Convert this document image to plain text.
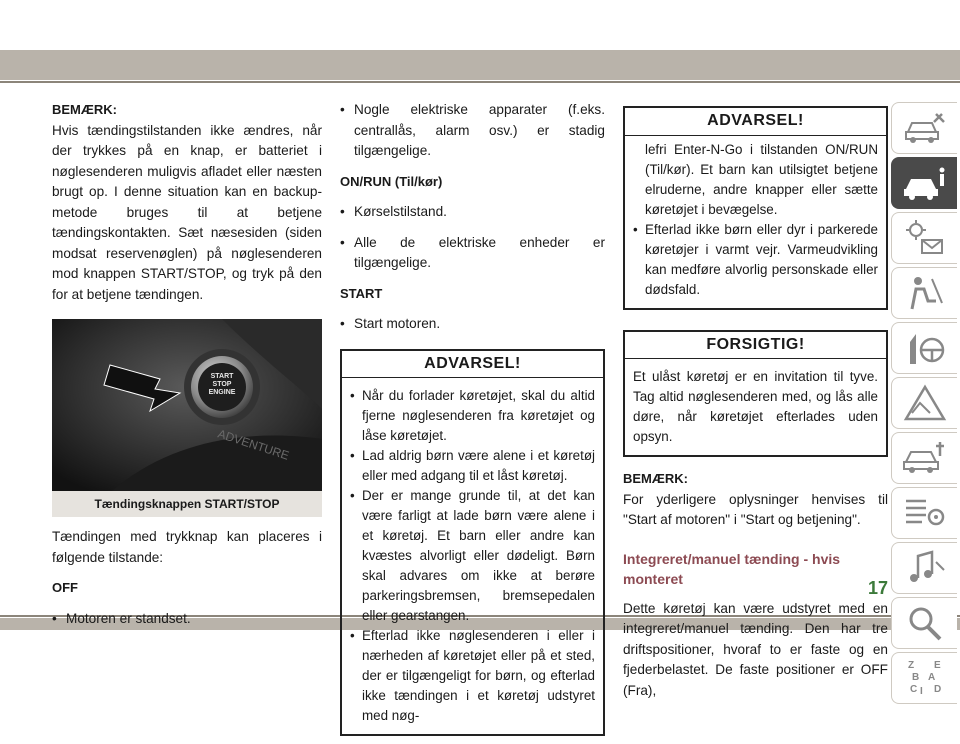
BEMÆRK:

Hvis tændingstilstanden ikke ændres, når der trykkes på en knap, er batteriet i nøglesenderen muligvis afladet eller næsten brugt op. I denne situation kan en backup-metode bruges til at betjene tændingskontakten. Sæt næsesiden (siden modsat reservenøglen) på nøglesenderen mod knappen START/STOP, og tryk på den for at betjene tændingen.

ADVENTURE
START
STOP
ENGINE
Tændingsknappen START/STOP

Tændingen med trykknap kan placeres i følgende tilstande:

OFF

• Motoren er standset.
• Nogle elektriske apparater (f.eks. centrallås, alarm osv.) er stadig tilgængelige.

ON/RUN (Til/kør)

• Kørselstilstand.
• Alle de elektriske enheder er tilgængelige.

START

• Start motoren.
ADVARSEL!
• Når du forlader køretøjet, skal du altid fjerne nøglesenderen fra køretøjet og låse køretøjet.
• Lad aldrig børn være alene i et køretøj eller med adgang til et låst køretøj.
• Der er mange grunde til, at det kan være farligt at lade børn være alene i et køretøj. Et barn eller andre kan kvæstes alvorligt eller dødeligt. Børn skal advares om ikke at berøre parkeringsbremsen, bremsepedalen eller gearstangen.
• Efterlad ikke nøglesenderen i eller i nærheden af køretøjet eller på et sted, der er tilgængeligt for børn, og efterlad ikke tændingen i et køretøj udstyret med nøg-
ADVARSEL!
lefri Enter-N-Go i tilstanden ON/RUN (Til/kør). Et barn kan utilsigtet betjene elruderne, andre knapper eller sætte køretøjet i bevægelse.
• Efterlad ikke børn eller dyr i parkerede køretøjer i varmt vejr. Varmeudvikling kan medføre alvorlig personskade eller dødsfald.
FORSIGTIG!

Et ulåst køretøj er en invitation til tyve. Tag altid nøglesenderen med, og lås alle døre, når køretøjet efterlades uden opsyn.

BEMÆRK:

For yderligere oplysninger henvises til "Start af motoren" i "Start og betjening".

Integreret/manuel tænding - hvis monteret

Dette køretøj kan være udstyret med en integreret/manuel tænding. Den har tre driftspositioner, hvoraf to er faste og en fjederbelastet. De faste positioner er OFF (Fra),

Z
B
E
A
C I D
17
